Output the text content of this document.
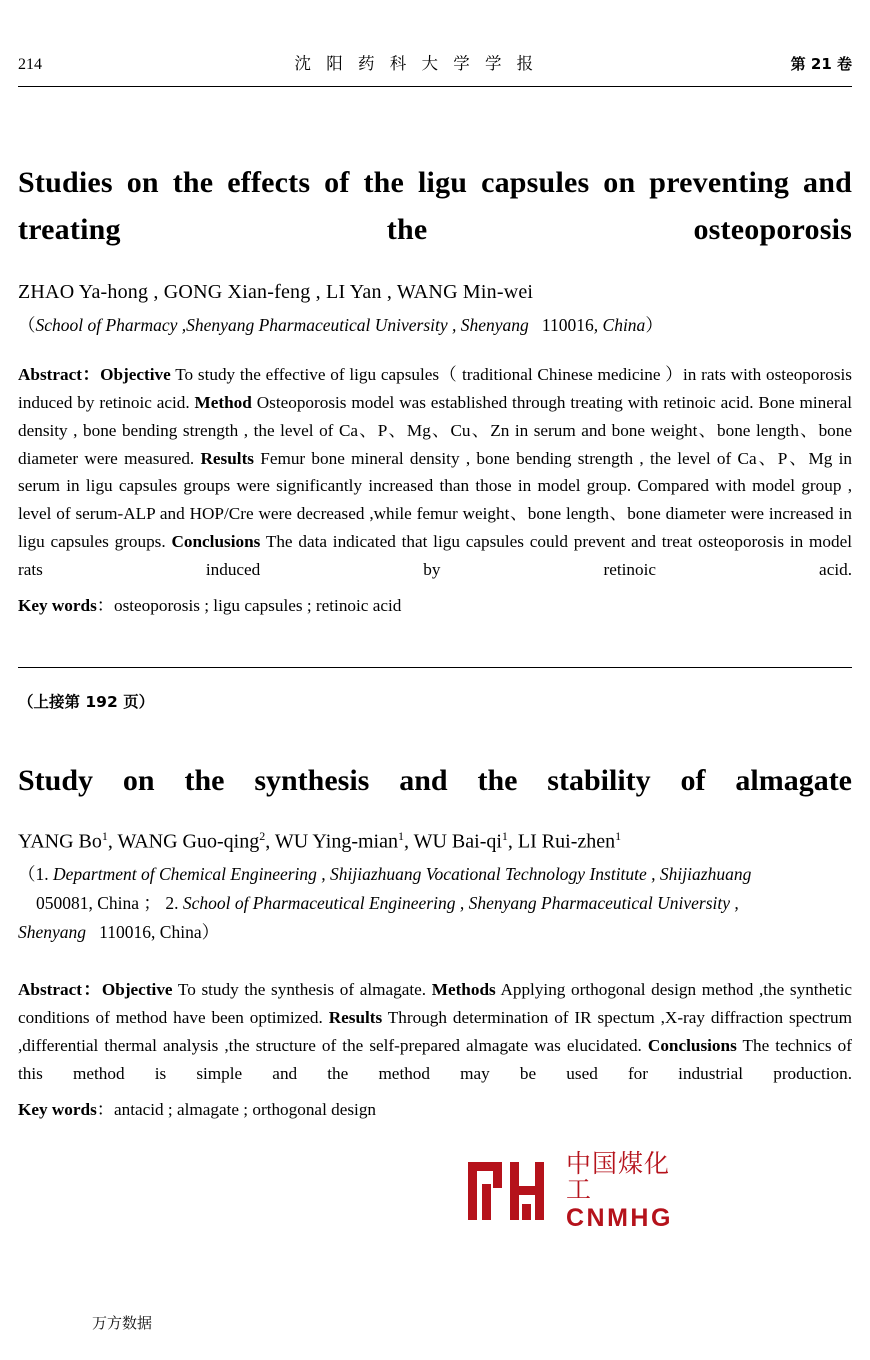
214	沈 阳 药 科 大 学 学 报	第 21 卷
Studies on the effects of the ligu capsules on preventing and treating the osteoporosis
ZHAO Ya-hong , GONG Xian-feng , LI Yan , WANG Min-wei
（School of Pharmacy ,Shenyang Pharmaceutical University , Shenyang 110016, China）
Abstract：Objective To study the effective of ligu capsules（ traditional Chinese medicine ）in rats with osteoporosis induced by retinoic acid. Method Osteoporosis model was established through treating with retinoic acid. Bone mineral density , bone bending strength , the level of Ca、P、Mg、Cu、Zn in serum and bone weight、bone length、bone diameter were measured. Results Femur bone mineral density , bone bending strength , the level of Ca、P、Mg in serum in ligu capsules groups were significantly increased than those in model group. Compared with model group , level of serum-ALP and HOP/Cre were decreased ,while femur weight、bone length、bone diameter were increased in ligu capsules groups. Conclusions The data indicated that ligu capsules could prevent and treat osteoporosis in model rats induced by retinoic acid.
Key words：osteoporosis ; ligu capsules ; retinoic acid
（上接第 192 页）
Study on the synthesis and the stability of almagate
YANG Bo$^1$, WANG Guo-qing$^2$, WU Ying-mian$^1$, WU Bai-$qi^1$, LI Rui-zhen$^1$
（1. Department of Chemical Engineering , Shijiazhuang Vocational Technology Institute , Shijiazhuang
050081, China ； 2. School of Pharmaceutical Engineering , Shenyang Pharmaceutical University ,
Shenyang 110016, China）
Abstract：Objective To study the synthesis of almagate. Methods Applying orthogonal design method ,the synthetic conditions of method have been optimized. Results Through determination of IR spectum ,X-ray diffraction spectrum ,differential thermal analysis ,the structure of the self-prepared almagate was elucidated. Conclusions The technics of this method is simple and the method may be used for industrial production.
Key words：antacid ; almagate ; orthogonal design
中国煤化工
CNMHG
万方数据
